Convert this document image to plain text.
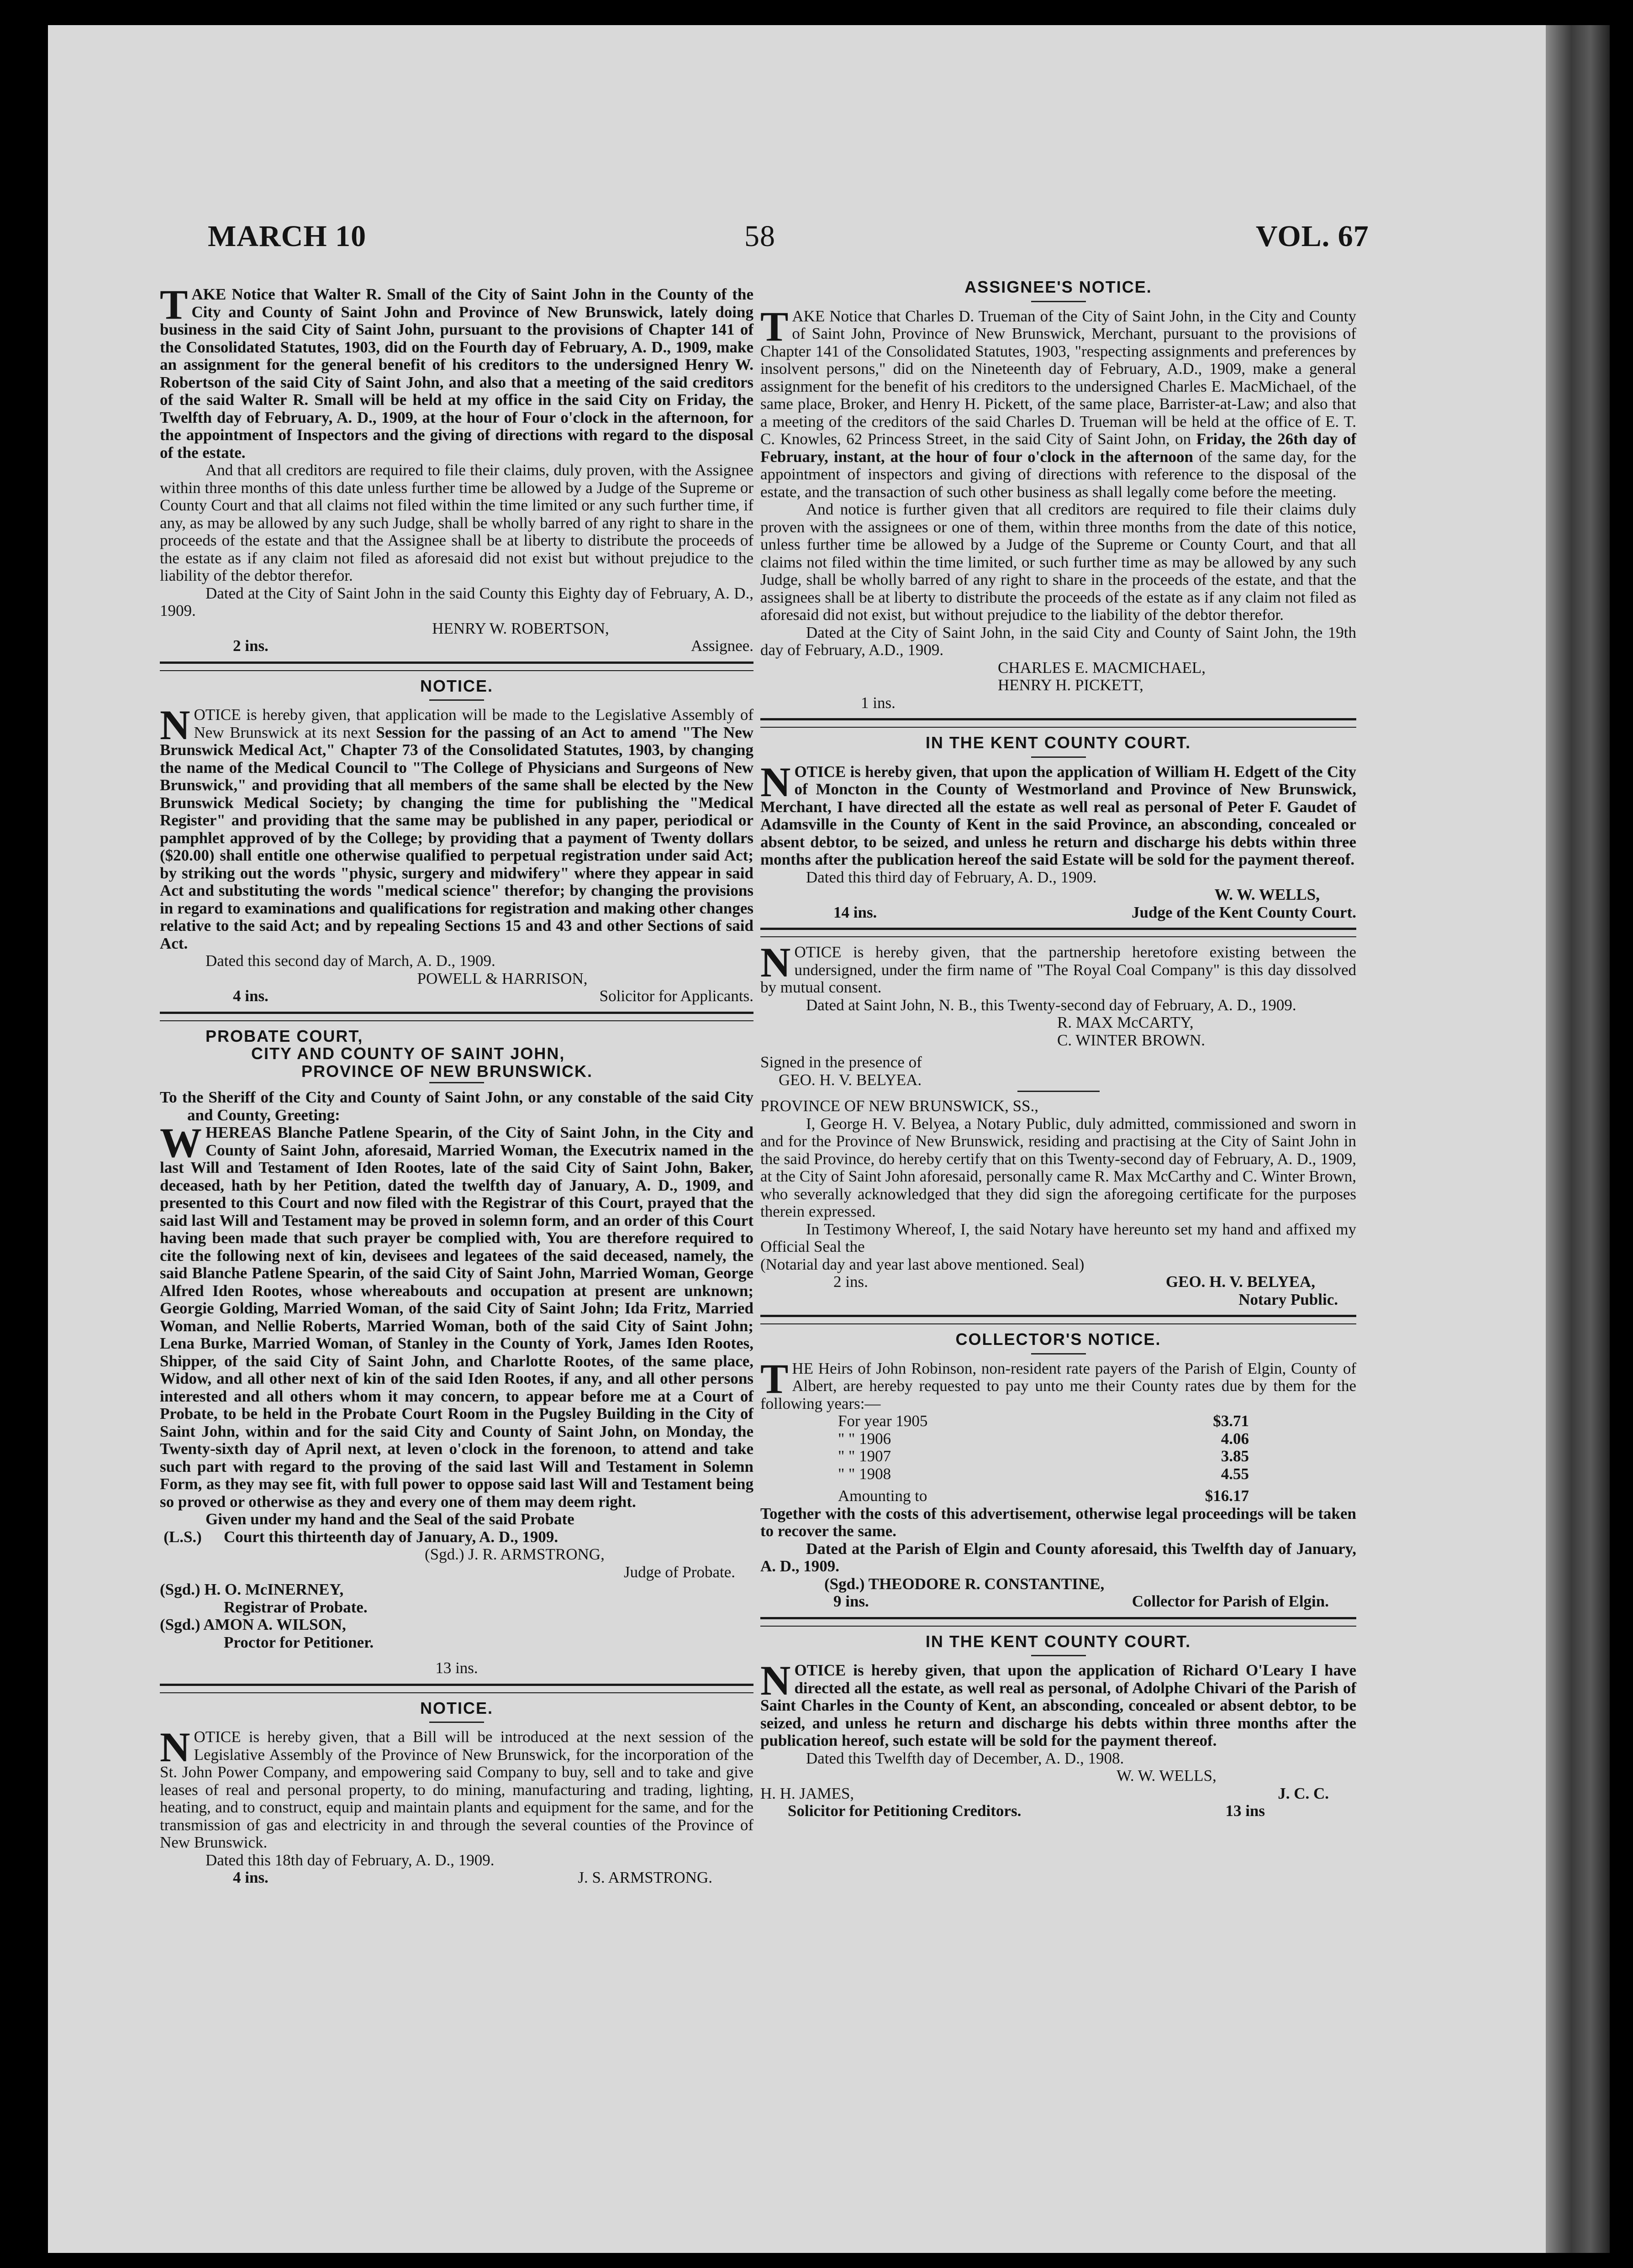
MARCH 10	58	VOL. 67

TAKE Notice that Walter R. Small of the City of Saint John in the County of the City and County of Saint John and Province of New Brunswick, lately doing business in the said City of Saint John, pursuant to the provisions of Chapter 141 of the Consolidated Statutes, 1903, did on the Fourth day of February, A. D., 1909, make an assignment for the general benefit of his creditors to the undersigned Henry W. Robertson of the said City of Saint John, and also that a meeting of the said creditors of the said Walter R. Small will be held at my office in the said City on Friday, the Twelfth day of February, A. D., 1909, at the hour of Four o'clock in the afternoon, for the appointment of Inspectors and the giving of directions with regard to the disposal of the estate.

And that all creditors are required to file their claims, duly proven, with the Assignee within three months of this date unless further time be allowed by a Judge of the Supreme or County Court and that all claims not filed within the time limited or any such further time, if any, as may be allowed by any such Judge, shall be wholly barred of any right to share in the proceeds of the estate and that the Assignee shall be at liberty to distribute the proceeds of the estate as if any claim not filed as aforesaid did not exist but without prejudice to the liability of the debtor therefor.

Dated at the City of Saint John in the said County this Eighty day of February, A. D., 1909.

HENRY W. ROBERTSON,

2 ins.	Assignee.
NOTICE.

NOTICE is hereby given, that application will be made to the Legislative Assembly of New Brunswick at its next Session for the passing of an Act to amend "The New Brunswick Medical Act," Chapter 73 of the Consolidated Statutes, 1903, by changing the name of the Medical Council to "The College of Physicians and Surgeons of New Brunswick," and providing that all members of the same shall be elected by the New Brunswick Medical Society; by changing the time for publishing the "Medical Register" and providing that the same may be published in any paper, periodical or pamphlet approved of by the College; by providing that a payment of Twenty dollars ($20.00) shall entitle one otherwise qualified to perpetual registration under said Act; by striking out the words "physic, surgery and midwifery" where they appear in said Act and substituting the words "medical science" therefor; by changing the provisions in regard to examinations and qualifications for registration and making other changes relative to the said Act; and by repealing Sections 15 and 43 and other Sections of said Act.

Dated this second day of March, A. D., 1909.

POWELL & HARRISON,

4 ins.	Solicitor for Applicants.
PROBATE COURT,
CITY AND COUNTY OF SAINT JOHN,
PROVINCE OF NEW BRUNSWICK.

To the Sheriff of the City and County of Saint John, or any constable of the said City and County, Greeting:

WHEREAS Blanche Patlene Spearin, of the City of Saint John, in the City and County of Saint John, aforesaid, Married Woman, the Executrix named in the last Will and Testament of Iden Rootes, late of the said City of Saint John, Baker, deceased, hath by her Petition, dated the twelfth day of January, A. D., 1909, and presented to this Court and now filed with the Registrar of this Court, prayed that the said last Will and Testament may be proved in solemn form, and an order of this Court having been made that such prayer be complied with, You are therefore required to cite the following next of kin, devisees and legatees of the said deceased, namely, the said Blanche Patlene Spearin, of the said City of Saint John, Married Woman, George Alfred Iden Rootes, whose whereabouts and occupation at present are unknown; Georgie Golding, Married Woman, of the said City of Saint John; Ida Fritz, Married Woman, and Nellie Roberts, Married Woman, both of the said City of Saint John; Lena Burke, Married Woman, of Stanley in the County of York, James Iden Rootes, Shipper, of the said City of Saint John, and Charlotte Rootes, of the same place, Widow, and all other next of kin of the said Iden Rootes, if any, and all other persons interested and all others whom it may concern, to appear before me at a Court of Probate, to be held in the Probate Court Room in the Pugsley Building in the City of Saint John, within and for the said City and County of Saint John, on Monday, the Twenty-sixth day of April next, at leven o'clock in the forenoon, to attend and take such part with regard to the proving of the said last Will and Testament in Solemn Form, as they may see fit, with full power to oppose said last Will and Testament being so proved or otherwise as they and every one of them may deem right.

Given under my hand and the Seal of the said Probate

(L.S.)	Court this thirteenth day of January, A. D., 1909.

(Sgd.) J. R. ARMSTRONG,

Judge of Probate.

(Sgd.) H. O. McINERNEY,

Registrar of Probate.

(Sgd.) AMON A. WILSON,

Proctor for Petitioner.

13 ins.

NOTICE.

NOTICE is hereby given, that a Bill will be introduced at the next session of the Legislative Assembly of the Province of New Brunswick, for the incorporation of the St. John Power Company, and empowering said Company to buy, sell and to take and give leases of real and personal property, to do mining, manufacturing and trading, lighting, heating, and to construct, equip and maintain plants and equipment for the same, and for the transmission of gas and electricity in and through the several counties of the Province of New Brunswick.

Dated this 18th day of February, A. D., 1909.

4 ins.	J. S. ARMSTRONG.
ASSIGNEE'S NOTICE.

TAKE Notice that Charles D. Trueman of the City of Saint John, in the City and County of Saint John, Province of New Brunswick, Merchant, pursuant to the provisions of Chapter 141 of the Consolidated Statutes, 1903, "respecting assignments and preferences by insolvent persons," did on the Nineteenth day of February, A.D., 1909, make a general assignment for the benefit of his creditors to the undersigned Charles E. MacMichael, of the same place, Broker, and Henry H. Pickett, of the same place, Barrister-at-Law; and also that a meeting of the creditors of the said Charles D. Trueman will be held at the office of E. T. C. Knowles, 62 Princess Street, in the said City of Saint John, on Friday, the 26th day of February, instant, at the hour of four o'clock in the afternoon of the same day, for the appointment of inspectors and giving of directions with reference to the disposal of the estate, and the transaction of such other business as shall legally come before the meeting.

And notice is further given that all creditors are required to file their claims duly proven with the assignees or one of them, within three months from the date of this notice, unless further time be allowed by a Judge of the Supreme or County Court, and that all claims not filed within the time limited, or such further time as may be allowed by any such Judge, shall be wholly barred of any right to share in the proceeds of the estate, and that the assignees shall be at liberty to distribute the proceeds of the estate as if any claim not filed as aforesaid did not exist, but without prejudice to the liability of the debtor therefor.

Dated at the City of Saint John, in the said City and County of Saint John, the 19th day of February, A.D., 1909.

CHARLES E. MACMICHAEL,

HENRY H. PICKETT,

1 ins.

IN THE KENT COUNTY COURT.

NOTICE is hereby given, that upon the application of William H. Edgett of the City of Moncton in the County of Westmorland and Province of New Brunswick, Merchant, I have directed all the estate as well real as personal of Peter F. Gaudet of Adamsville in the County of Kent in the said Province, an absconding, concealed or absent debtor, to be seized, and unless he return and discharge his debts within three months after the publication hereof the said Estate will be sold for the payment thereof.

Dated this third day of February, A. D., 1909.

W. W. WELLS,

14 ins.	Judge of the Kent County Court.

NOTICE is hereby given, that the partnership heretofore existing between the undersigned, under the firm name of "The Royal Coal Company" is this day dissolved by mutual consent.

Dated at Saint John, N. B., this Twenty-second day of February, A. D., 1909.

R. MAX McCARTY,

C. WINTER BROWN.

Signed in the presence of

GEO. H. V. BELYEA.

PROVINCE OF NEW BRUNSWICK, SS.,

I, George H. V. Belyea, a Notary Public, duly admitted, commissioned and sworn in and for the Province of New Brunswick, residing and practising at the City of Saint John in the said Province, do hereby certify that on this Twenty-second day of February, A. D., 1909, at the City of Saint John aforesaid, personally came R. Max McCarthy and C. Winter Brown, who severally acknowledged that they did sign the aforegoing certificate for the purposes therein expressed.

In Testimony Whereof, I, the said Notary have hereunto set my hand and affixed my Official Seal the

(Notarial day and year last above mentioned. Seal)

2 ins.	GEO. H. V. BELYEA,

Notary Public.

COLLECTOR'S NOTICE.

THE Heirs of John Robinson, non-resident rate payers of the Parish of Elgin, County of Albert, are hereby requested to pay unto me their County rates due by them for the following years:—

For year 1905	$3.71
" " 1906	4.06
" " 1907	3.85
" " 1908	4.55
Amounting to	$16.17

Together with the costs of this advertisement, otherwise legal proceedings will be taken to recover the same.

Dated at the Parish of Elgin and County aforesaid, this Twelfth day of January, A. D., 1909.

(Sgd.) THEODORE R. CONSTANTINE,

9 ins.	Collector for Parish of Elgin.
IN THE KENT COUNTY COURT.

NOTICE is hereby given, that upon the application of Richard O'Leary I have directed all the estate, as well real as personal, of Adolphe Chivari of the Parish of Saint Charles in the County of Kent, an absconding, concealed or absent debtor, to be seized, and unless he return and discharge his debts within three months after the publication hereof, such estate will be sold for the payment thereof.

Dated this Twelfth day of December, A. D., 1908.

W. W. WELLS,

H. H. JAMES,	J. C. C.
Solicitor for Petitioning Creditors.	13 ins
